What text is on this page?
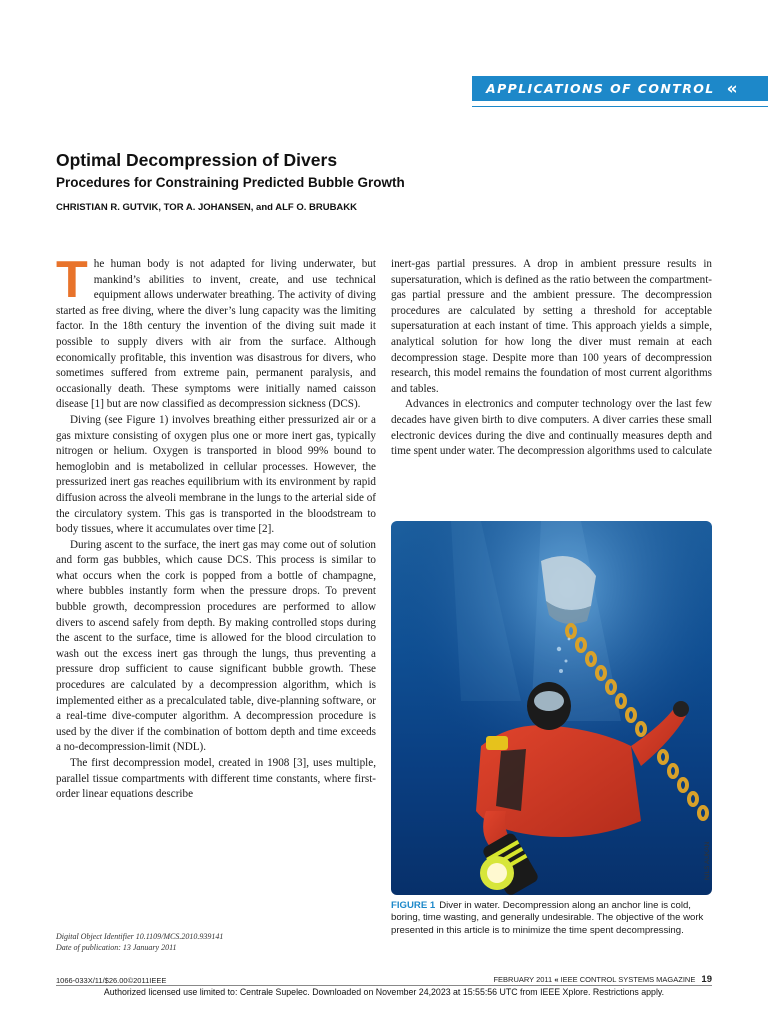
APPLICATIONS OF CONTROL «
Optimal Decompression of Divers
Procedures for Constraining Predicted Bubble Growth
CHRISTIAN R. GUTVIK, TOR A. JOHANSEN, and ALF O. BRUBAKK

The human body is not adapted for living underwater, but mankind’s abilities to invent, create, and use technical equipment allows underwater breathing. The activity of diving started as free diving, where the diver’s lung capacity was the limiting factor. In the 18th century the invention of the diving suit made it possible to supply divers with air from the surface. Although economically profitable, this invention was disastrous for divers, who sometimes suffered from extreme pain, permanent paralysis, and occasionally death. These symptoms were initially named caisson disease [1] but are now classified as decompression sickness (DCS).

Diving (see Figure 1) involves breathing either pressurized air or a gas mixture consisting of oxygen plus one or more inert gas, typically nitrogen or helium. Oxygen is transported in blood 99% bound to hemoglobin and is metabolized in cellular processes. However, the pressurized inert gas reaches equilibrium with its environment by rapid diffusion across the alveoli membrane in the lungs to the arterial side of the circulatory system. This gas is transported in the bloodstream to body tissues, where it accumulates over time [2].

During ascent to the surface, the inert gas may come out of solution and form gas bubbles, which cause DCS. This process is similar to what occurs when the cork is popped from a bottle of champagne, where bubbles instantly form when the pressure drops. To prevent bubble growth, decompression procedures are performed to allow divers to ascend safely from depth. By making controlled stops during the ascent to the surface, time is allowed for the blood circulation to wash out the excess inert gas through the lungs, thus preventing a pressure drop sufficient to cause significant bubble growth. These procedures are calculated by a decompression algorithm, which is implemented either as a precalculated table, dive-planning software, or a real-time dive-computer algorithm. A decompression procedure is used by the diver if the combination of bottom depth and time exceeds a no-decompression-limit (NDL).

The first decompression model, created in 1908 [3], uses multiple, parallel tissue compartments with different time constants, where first-order linear equations describe

inert-gas partial pressures. A drop in ambient pressure results in supersaturation, which is defined as the ratio between the compartment-gas partial pressure and the ambient pressure. The decompression procedures are calculated by setting a threshold for acceptable supersaturation at each instant of time. This approach yields a simple, analytical solution for how long the diver must remain at each decompression stage. Despite more than 100 years of decompression research, this model remains the foundation of most current algorithms and tables.

Advances in electronics and computer technology over the last few decades have given birth to dive computers. A diver carries these small electronic devices during the dive and continually measures depth and time spent under water. The decompression algorithms used to calculate

NILS AUKAN
FIGURE 1 Diver in water. Decompression along an anchor line is cold, boring, time wasting, and generally undesirable. The objective of the work presented in this article is to minimize the time spent decompressing.
Digital Object Identifier 10.1109/MCS.2010.939141
Date of publication: 13 January 2011
1066-033X/11/$26.00©2011IEEE	FEBRUARY 2011 « IEEE CONTROL SYSTEMS MAGAZINE 19
Authorized licensed use limited to: Centrale Supelec. Downloaded on November 24,2023 at 15:55:56 UTC from IEEE Xplore. Restrictions apply.
